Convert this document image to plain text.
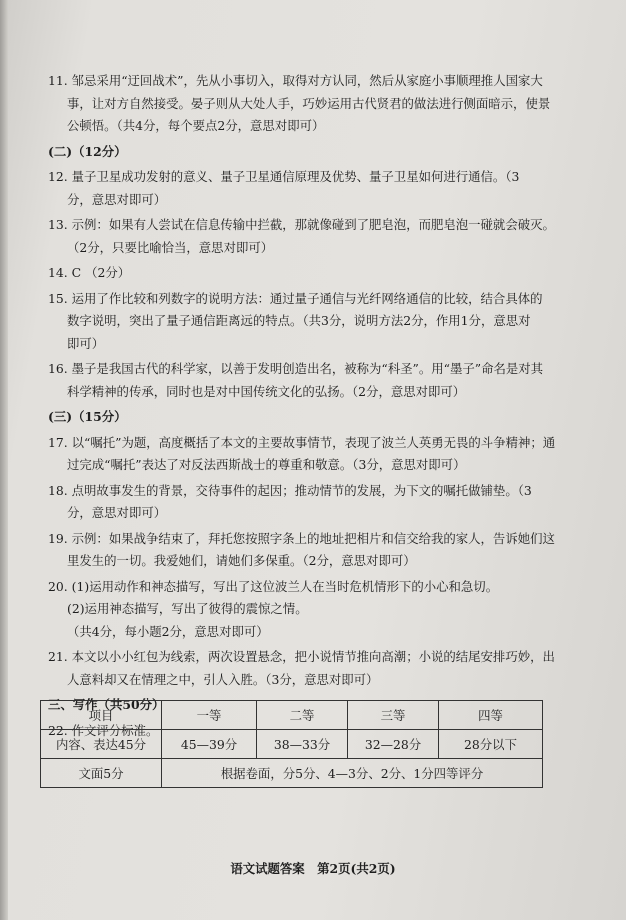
11. 邹忌采用“迂回战术”，先从小事切入，取得对方认同，然后从家庭小事顺理推人国家大
事，让对方自然接受。晏子则从大处人手，巧妙运用古代贤君的做法进行侧面暗示，使景
公顿悟。（共4分，每个要点2分，意思对即可）
(二)（12分）
12. 量子卫星成功发射的意义、量子卫星通信原理及优势、量子卫星如何进行通信。（3
分，意思对即可）
13. 示例：如果有人尝试在信息传输中拦截，那就像碰到了肥皂泡，而肥皂泡一碰就会破灭。
（2分，只要比喻恰当，意思对即可）
14. C （2分）
15. 运用了作比较和列数字的说明方法：通过量子通信与光纤网络通信的比较，结合具体的
数字说明，突出了量子通信距离远的特点。（共3分，说明方法2分，作用1分，意思对
即可）
16. 墨子是我国古代的科学家，以善于发明创造出名，被称为“科圣”。用“墨子”命名是对其
科学精神的传承，同时也是对中国传统文化的弘扬。（2分，意思对即可）
(三)（15分）
17. 以“嘱托”为题，高度概括了本文的主要故事情节，表现了波兰人英勇无畏的斗争精神；通
过完成“嘱托”表达了对反法西斯战士的尊重和敬意。（3分，意思对即可）
18. 点明故事发生的背景，交待事件的起因；推动情节的发展，为下文的嘱托做铺垫。（3
分，意思对即可）
19. 示例：如果战争结束了，拜托您按照字条上的地址把相片和信交给我的家人，告诉她们这
里发生的一切。我爱她们，请她们多保重。（2分，意思对即可）
20. (1)运用动作和神态描写，写出了这位波兰人在当时危机情形下的小心和急切。
(2)运用神态描写，写出了彼得的震惊之情。
（共4分，每小题2分，意思对即可）
21. 本文以小小红包为线索，两次设置悬念，把小说情节推向高潮；小说的结尾安排巧妙，出
人意料却又在情理之中，引人入胜。（3分，意思对即可）
三、写作（共50分）
22. 作文评分标准。
项目	一等	二等	三等	四等
内容、表达45分	45—39分	38—33分	32—28分	28分以下
文面5分	根据卷面，分5分、4—3分、2分、1分四等评分			
语文试题答案　第2页(共2页)
